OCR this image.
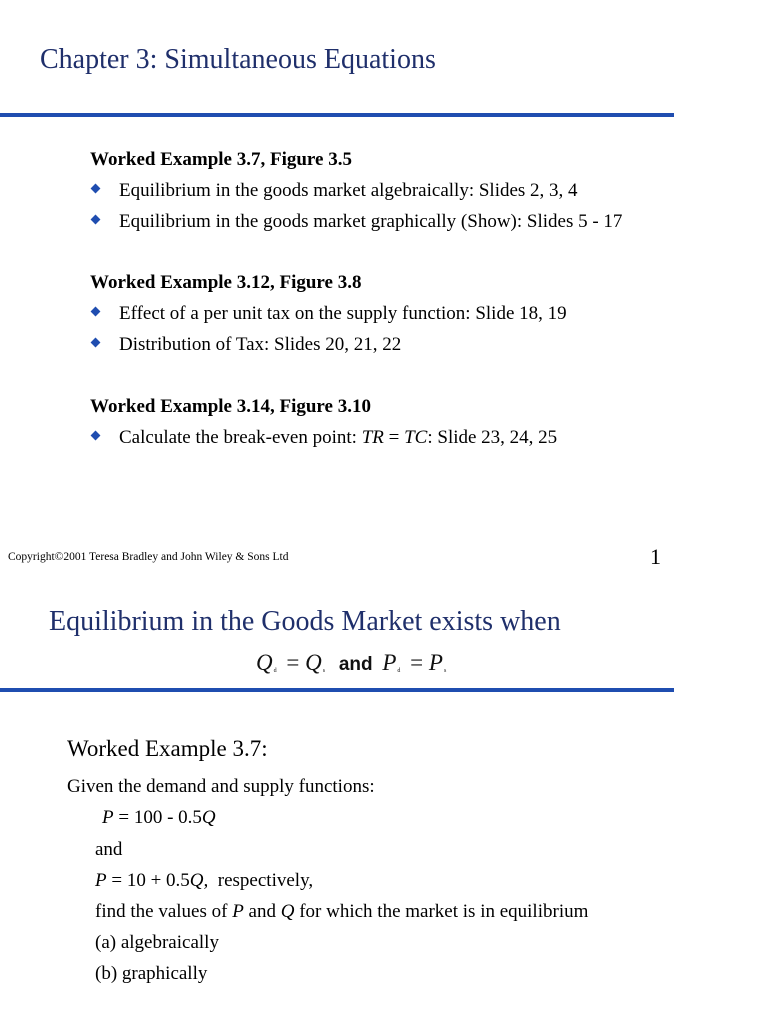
Chapter 3: Simultaneous Equations
Worked Example 3.7, Figure 3.5
Equilibrium in the goods market algebraically: Slides 2, 3, 4
Equilibrium in the goods market graphically (Show): Slides 5 - 17
Worked Example 3.12, Figure 3.8
Effect of a per unit tax on the supply function: Slide 18, 19
Distribution of Tax: Slides 20, 21, 22
Worked Example 3.14, Figure 3.10
Calculate the break-even point: TR = TC: Slide 23, 24, 25
Copyright©2001 Teresa Bradley and John Wiley & Sons Ltd	1
Equilibrium in the Goods Market exists when
$Q_d = Q_s$ and $P_d = P_s$
Worked Example 3.7:
Given the demand and supply functions:
P = 100 - 0.5Q
and
P = 10 + 0.5Q,  respectively,
find the values of P and Q for which the market is in equilibrium
(a) algebraically
(b) graphically
